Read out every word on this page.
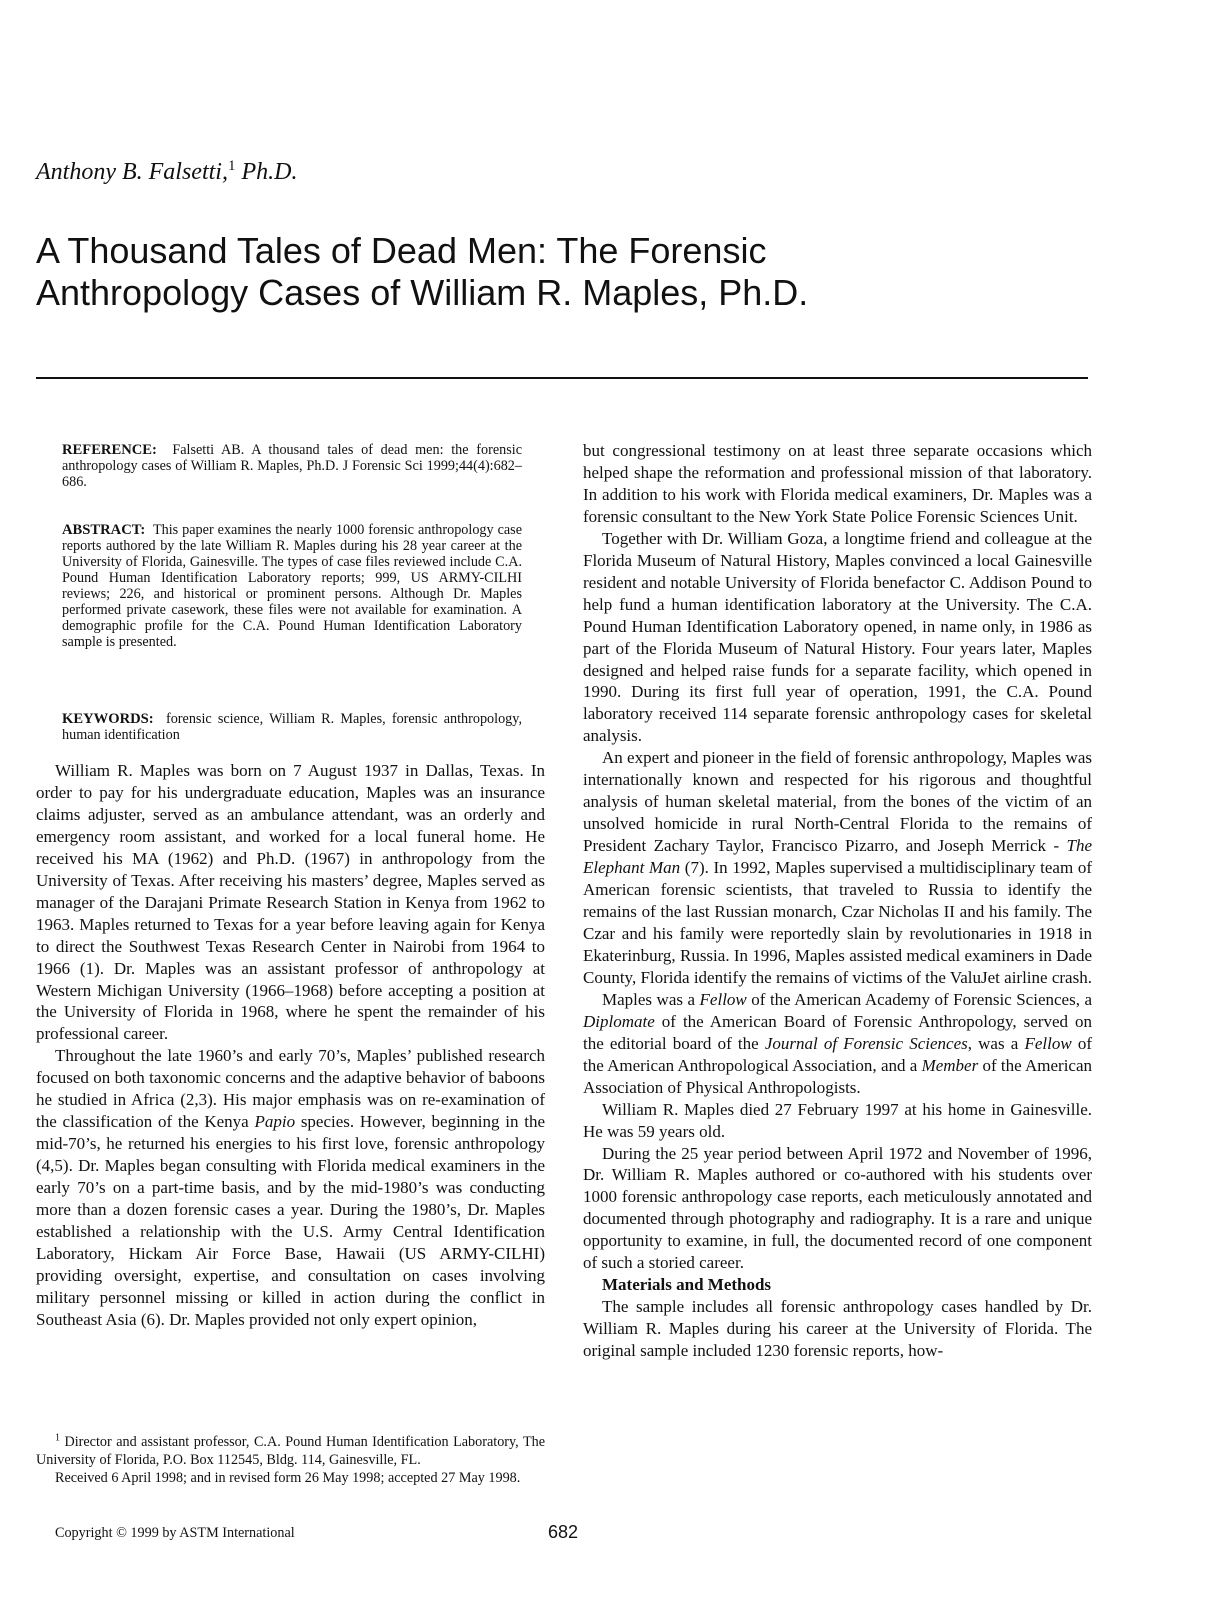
Anthony B. Falsetti,$^1$ Ph.D.
A Thousand Tales of Dead Men: The Forensic
Anthropology Cases of William R. Maples, Ph.D.

REFERENCE: Falsetti AB. A thousand tales of dead men: the forensic anthropology cases of William R. Maples, Ph.D. J Forensic Sci 1999;44(4):682–686.

ABSTRACT: This paper examines the nearly 1000 forensic anthropology case reports authored by the late William R. Maples during his 28 year career at the University of Florida, Gainesville. The types of case files reviewed include C.A. Pound Human Identification Laboratory reports; 999, US ARMY-CILHI reviews; 226, and historical or prominent persons. Although Dr. Maples performed private casework, these files were not available for examination. A demographic profile for the C.A. Pound Human Identification Laboratory sample is presented.

KEYWORDS: forensic science, William R. Maples, forensic anthropology, human identification

William R. Maples was born on 7 August 1937 in Dallas, Texas. In order to pay for his undergraduate education, Maples was an insurance claims adjuster, served as an ambulance attendant, was an orderly and emergency room assistant, and worked for a local funeral home. He received his MA (1962) and Ph.D. (1967) in anthropology from the University of Texas. After receiving his masters’ degree, Maples served as manager of the Darajani Primate Research Station in Kenya from 1962 to 1963. Maples returned to Texas for a year before leaving again for Kenya to direct the Southwest Texas Research Center in Nairobi from 1964 to 1966 (1). Dr. Maples was an assistant professor of anthropology at Western Michigan University (1966–1968) before accepting a position at the University of Florida in 1968, where he spent the remainder of his professional career.

Throughout the late 1960’s and early 70’s, Maples’ published research focused on both taxonomic concerns and the adaptive behavior of baboons he studied in Africa (2,3). His major emphasis was on re-examination of the classification of the Kenya Papio species. However, beginning in the mid-70’s, he returned his energies to his first love, forensic anthropology (4,5). Dr. Maples began consulting with Florida medical examiners in the early 70’s on a part-time basis, and by the mid-1980’s was conducting more than a dozen forensic cases a year. During the 1980’s, Dr. Maples established a relationship with the U.S. Army Central Identification Laboratory, Hickam Air Force Base, Hawaii (US ARMY-CILHI) providing oversight, expertise, and consultation on cases involving military personnel missing or killed in action during the conflict in Southeast Asia (6). Dr. Maples provided not only expert opinion,

but congressional testimony on at least three separate occasions which helped shape the reformation and professional mission of that laboratory. In addition to his work with Florida medical examiners, Dr. Maples was a forensic consultant to the New York State Police Forensic Sciences Unit.

Together with Dr. William Goza, a longtime friend and colleague at the Florida Museum of Natural History, Maples convinced a local Gainesville resident and notable University of Florida benefactor C. Addison Pound to help fund a human identification laboratory at the University. The C.A. Pound Human Identification Laboratory opened, in name only, in 1986 as part of the Florida Museum of Natural History. Four years later, Maples designed and helped raise funds for a separate facility, which opened in 1990. During its first full year of operation, 1991, the C.A. Pound laboratory received 114 separate forensic anthropology cases for skeletal analysis.

An expert and pioneer in the field of forensic anthropology, Maples was internationally known and respected for his rigorous and thoughtful analysis of human skeletal material, from the bones of the victim of an unsolved homicide in rural North-Central Florida to the remains of President Zachary Taylor, Francisco Pizarro, and Joseph Merrick - The Elephant Man (7). In 1992, Maples supervised a multidisciplinary team of American forensic scientists, that traveled to Russia to identify the remains of the last Russian monarch, Czar Nicholas II and his family. The Czar and his family were reportedly slain by revolutionaries in 1918 in Ekaterinburg, Russia. In 1996, Maples assisted medical examiners in Dade County, Florida identify the remains of victims of the ValuJet airline crash.

Maples was a Fellow of the American Academy of Forensic Sciences, a Diplomate of the American Board of Forensic Anthropology, served on the editorial board of the Journal of Forensic Sciences, was a Fellow of the American Anthropological Association, and a Member of the American Association of Physical Anthropologists.

William R. Maples died 27 February 1997 at his home in Gainesville. He was 59 years old.

During the 25 year period between April 1972 and November of 1996, Dr. William R. Maples authored or co-authored with his students over 1000 forensic anthropology case reports, each meticulously annotated and documented through photography and radiography. It is a rare and unique opportunity to examine, in full, the documented record of one component of such a storied career.

Materials and Methods

The sample includes all forensic anthropology cases handled by Dr. William R. Maples during his career at the University of Florida. The original sample included 1230 forensic reports, how-

$^1$ Director and assistant professor, C.A. Pound Human Identification Laboratory, The University of Florida, P.O. Box 112545, Bldg. 114, Gainesville, FL.

Received 6 April 1998; and in revised form 26 May 1998; accepted 27 May 1998.

Copyright © 1999 by ASTM International	682
